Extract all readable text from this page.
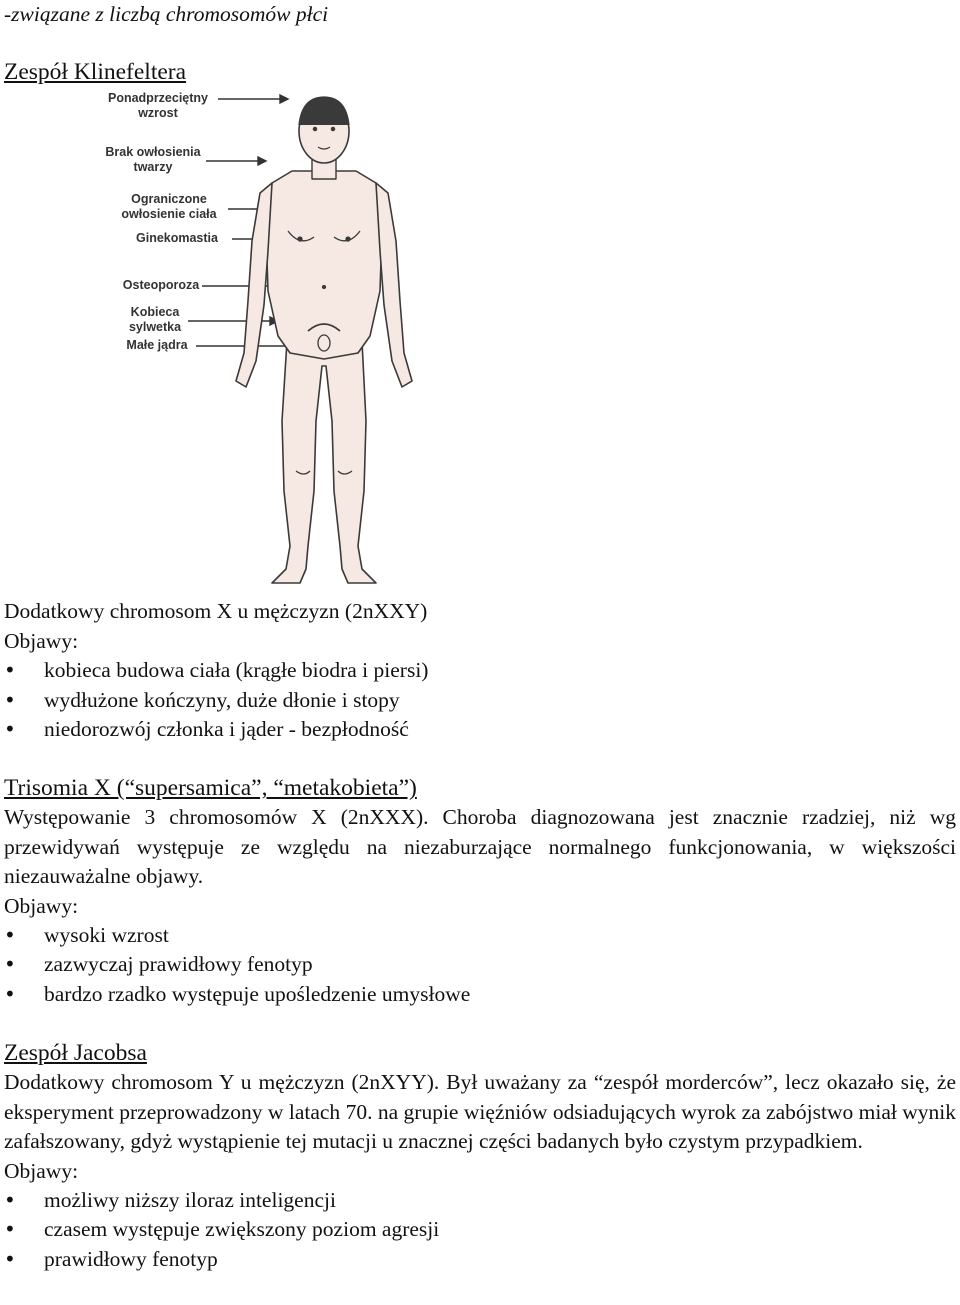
-związane z liczbą chromosomów płci
Zespół Klinefeltera
Ponadprzeciętny wzrost
Brak owłosienia twarzy
Ograniczone owłosienie ciała
Ginekomastia
Osteoporoza
Kobieca sylwetka
Małe jądra
Dodatkowy chromosom X u mężczyzn (2nXXY)
Objawy:
• kobieca budowa ciała (krągłe biodra i piersi)
• wydłużone kończyny, duże dłonie i stopy
• niedorozwój członka i jąder - bezpłodność
Trisomia X (“supersamica”, “metakobieta”)
Występowanie 3 chromosomów X (2nXXX). Choroba diagnozowana jest znacznie rzadziej, niż wg przewidywań występuje ze względu na niezaburzające normalnego funkcjonowania, w większości niezauważalne objawy.
Objawy:
• wysoki wzrost
• zazwyczaj prawidłowy fenotyp
• bardzo rzadko występuje upośledzenie umysłowe
Zespół Jacobsa
Dodatkowy chromosom Y u mężczyzn (2nXYY). Był uważany za “zespół morderców”, lecz okazało się, że eksperyment przeprowadzony w latach 70. na grupie więźniów odsiadujących wyrok za zabójstwo miał wynik zafałszowany, gdyż wystąpienie tej mutacji u znacznej części badanych było czystym przypadkiem.
Objawy:
• możliwy niższy iloraz inteligencji
• czasem występuje zwiększony poziom agresji
• prawidłowy fenotyp
